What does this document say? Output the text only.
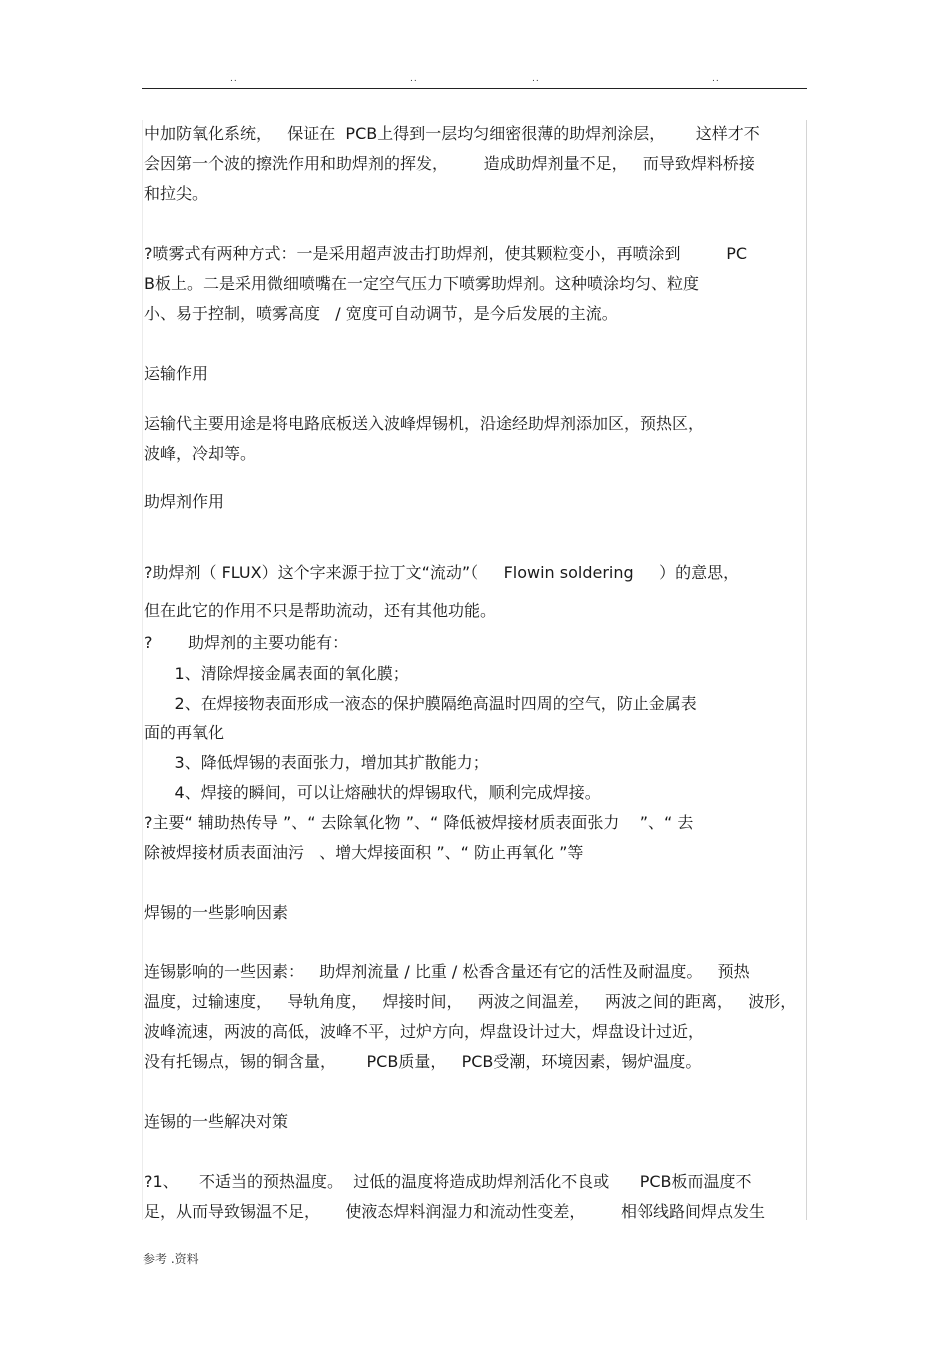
..	..	..	..
中加防氧化系统，   保证在  PCB上得到一层均匀细密很薄的助焊剂涂层，      这样才不
会因第一个波的擦洗作用和助焊剂的挥发，       造成助焊剂量不足，   而导致焊料桥接
和拉尖。
?喷雾式有两种方式：一是采用超声波击打助焊剂，使其颗粒变小，再喷涂到         PC
B板上。二是采用微细喷嘴在一定空气压力下喷雾助焊剂。这种喷涂均匀、粒度
小、易于控制，喷雾高度   / 宽度可自动调节，是今后发展的主流。
运输作用
运输代主要用途是将电路底板送入波峰焊锡机，沿途经助焊剂添加区，预热区，
波峰，冷却等。
助焊剂作用
?助焊剂（ FLUX）这个字来源于拉丁文“流动”（     Flowin soldering     ）的意思，
但在此它的作用不只是帮助流动，还有其他功能。
?       助焊剂的主要功能有：
1、清除焊接金属表面的氧化膜；
2、在焊接物表面形成一液态的保护膜隔绝高温时四周的空气，防止金属表
面的再氧化
3、降低焊锡的表面张力，增加其扩散能力；
4、焊接的瞬间，可以让熔融状的焊锡取代，顺利完成焊接。
?主要“ 辅助热传导 ”、“ 去除氧化物 ”、“ 降低被焊接材质表面张力    ”、“ 去
除被焊接材质表面油污   、增大焊接面积 ”、“ 防止再氧化 ”等
焊锡的一些影响因素
连锡影响的一些因素：   助焊剂流量 / 比重 / 松香含量还有它的活性及耐温度。   预热
温度，过输速度，   导轨角度，   焊接时间，   两波之间温差，   两波之间的距离，   波形，
波峰流速，两波的高低，波峰不平，过炉方向，焊盘设计过大，焊盘设计过近，
没有托锡点，锡的铜含量，      PCB质量，   PCB受潮，环境因素，锡炉温度。
连锡的一些解决对策
?1、    不适当的预热温度。  过低的温度将造成助焊剂活化不良或      PCB板而温度不
足，从而导致锡温不足，     使液态焊料润湿力和流动性变差，       相邻线路间焊点发生
参考 .资料
